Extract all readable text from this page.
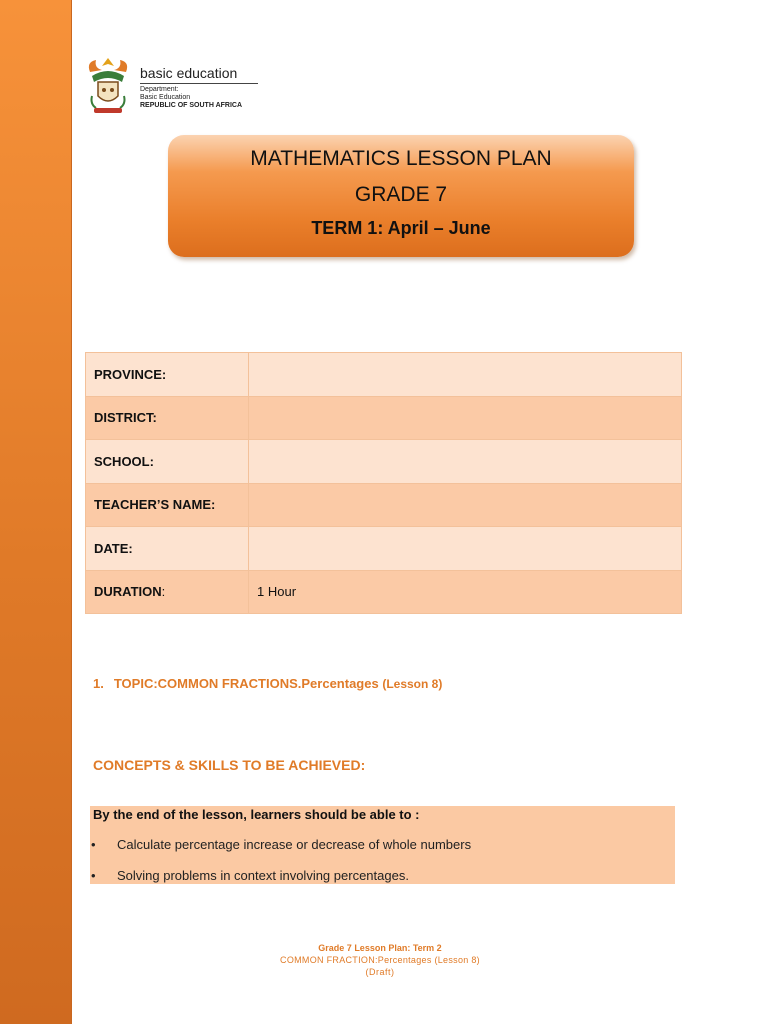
basic education
Department:
Basic Education
REPUBLIC OF SOUTH AFRICA
MATHEMATICS LESSON PLAN
GRADE 7
TERM 1: April – June
PROVINCE:	
DISTRICT:	
SCHOOL:	
TEACHER’S NAME:	
DATE:	
DURATION:	1 Hour
1. TOPIC:COMMON FRACTIONS.Percentages (Lesson 8)
CONCEPTS & SKILLS TO BE ACHIEVED:
By the end of the lesson, learners should be able to :
• Calculate percentage increase or decrease of whole numbers
• Solving problems in context involving percentages.
Grade 7 Lesson Plan: Term 2
COMMON FRACTION:Percentages (Lesson 8)
(Draft)
